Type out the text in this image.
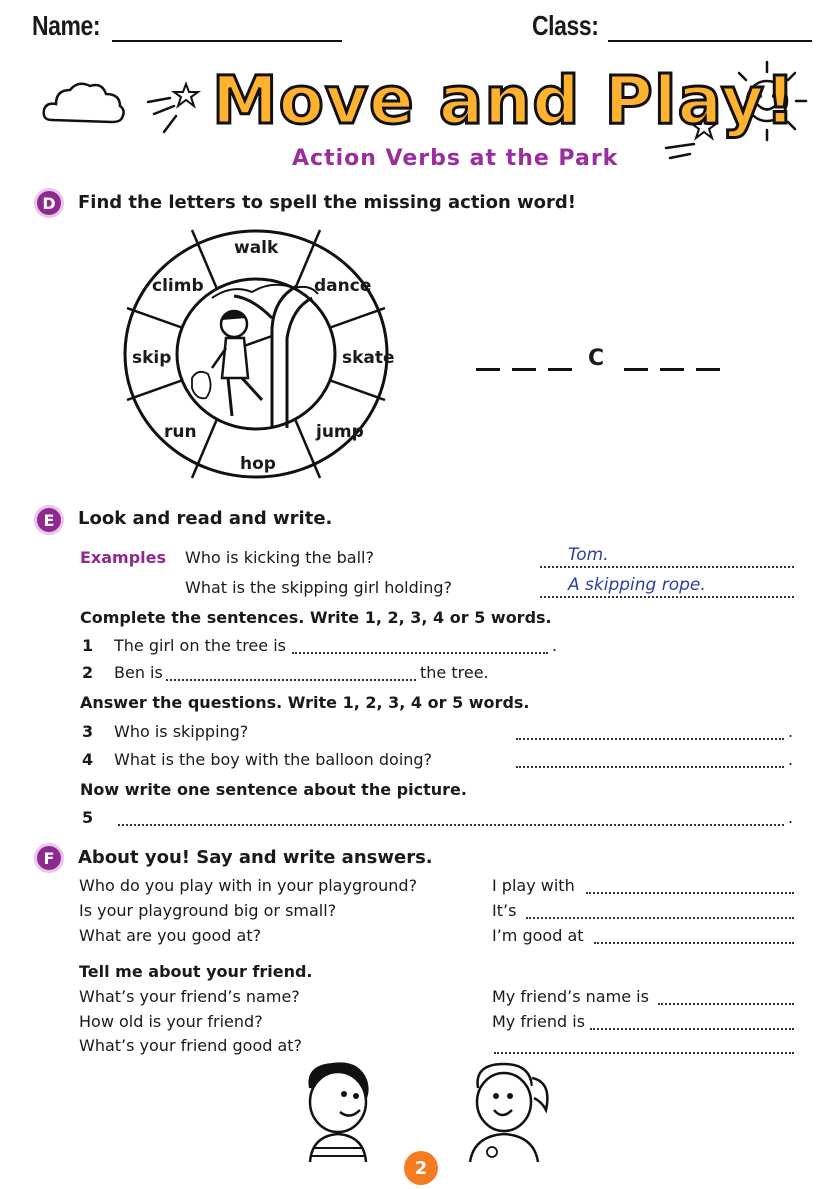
Name:	Class:
Move and Play!
Action Verbs at the Park
D	Find the letters to spell the missing action word!
walk
dance
skate
jump
hop
run
skip
climb
C
E	Look and read and write.
Examples Who is kicking the ball?	Tom.
What is the skipping girl holding?	A skipping rope.
Complete the sentences. Write 1, 2, 3, 4 or 5 words.
1 The girl on the tree is	.
2 Ben is	the tree.
Answer the questions. Write 1, 2, 3, 4 or 5 words.
3 Who is skipping?	.
4 What is the boy with the balloon doing?	.
Now write one sentence about the picture.
5	.
F	About you! Say and write answers.
Who do you play with in your playground?	I play with
Is your playground big or small?	It’s
What are you good at?	I’m good at
Tell me about your friend.
What’s your friend’s name?	My friend’s name is
How old is your friend?	My friend is
What’s your friend good at?
2
